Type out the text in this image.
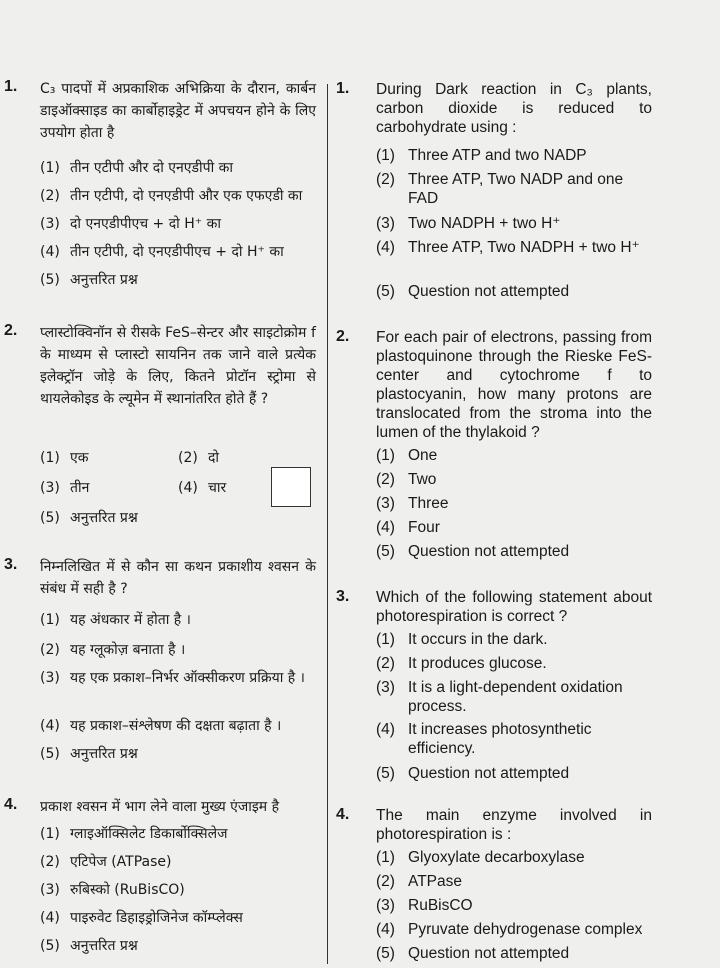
1. C₃ पादपों में अप्रकाशिक अभिक्रिया के दौरान, कार्बन डाइऑक्साइड का कार्बोहाइड्रेट में अपचयन होने के लिए उपयोग होता है
(1) तीन एटीपी और दो एनएडीपी का
(2) तीन एटीपी, दो एनएडीपी और एक एफएडी का
(3) दो एनएडीपीएच + दो H⁺ का
(4) तीन एटीपी, दो एनएडीपीएच + दो H⁺ का
(5) अनुत्तरित प्रश्न
2. प्लास्टोक्विनॉन से रीसके FeS–सेन्टर और साइटोक्रोम f के माध्यम से प्लास्टो सायनिन तक जाने वाले प्रत्येक इलेक्ट्रॉन जोड़े के लिए, कितने प्रोटॉन स्ट्रोमा से थायलेकोइड के ल्यूमेन में स्थानांतरित होते हैं ?
(1) एक	(2) दो
(3) तीन	(4) चार
(5) अनुत्तरित प्रश्न
3. निम्नलिखित में से कौन सा कथन प्रकाशीय श्वसन के संबंध में सही है ?
(1) यह अंधकार में होता है ।
(2) यह ग्लूकोज़ बनाता है ।
(3) यह एक प्रकाश–निर्भर ऑक्सीकरण प्रक्रिया है ।
(4) यह प्रकाश–संश्लेषण की दक्षता बढ़ाता है ।
(5) अनुत्तरित प्रश्न
4. प्रकाश श्वसन में भाग लेने वाला मुख्य एंजाइम है
(1) ग्लाइऑक्सिलेट डिकार्बोक्सिलेज
(2) एटिपेज (ATPase)
(3) रुबिस्को (RuBisCO)
(4) पाइरुवेट डिहाइड्रोजिनेज कॉम्प्लेक्स
(5) अनुत्तरित प्रश्न
1. During Dark reaction in C₃ plants, carbon dioxide is reduced to carbohydrate using :
(1) Three ATP and two NADP
(2) Three ATP, Two NADP and one FAD
(3) Two NADPH + two H⁺
(4) Three ATP, Two NADPH + two H⁺
(5) Question not attempted
2. For each pair of electrons, passing from plastoquinone through the Rieske FeS-center and cytochrome f to plastocyanin, how many protons are translocated from the stroma into the lumen of the thylakoid ?
(1) One
(2) Two
(3) Three
(4) Four
(5) Question not attempted
3. Which of the following statement about photorespiration is correct ?
(1) It occurs in the dark.
(2) It produces glucose.
(3) It is a light-dependent oxidation process.
(4) It increases photosynthetic efficiency.
(5) Question not attempted
4. The main enzyme involved in photorespiration is :
(1) Glyoxylate decarboxylase
(2) ATPase
(3) RuBisCO
(4) Pyruvate dehydrogenase complex
(5) Question not attempted
